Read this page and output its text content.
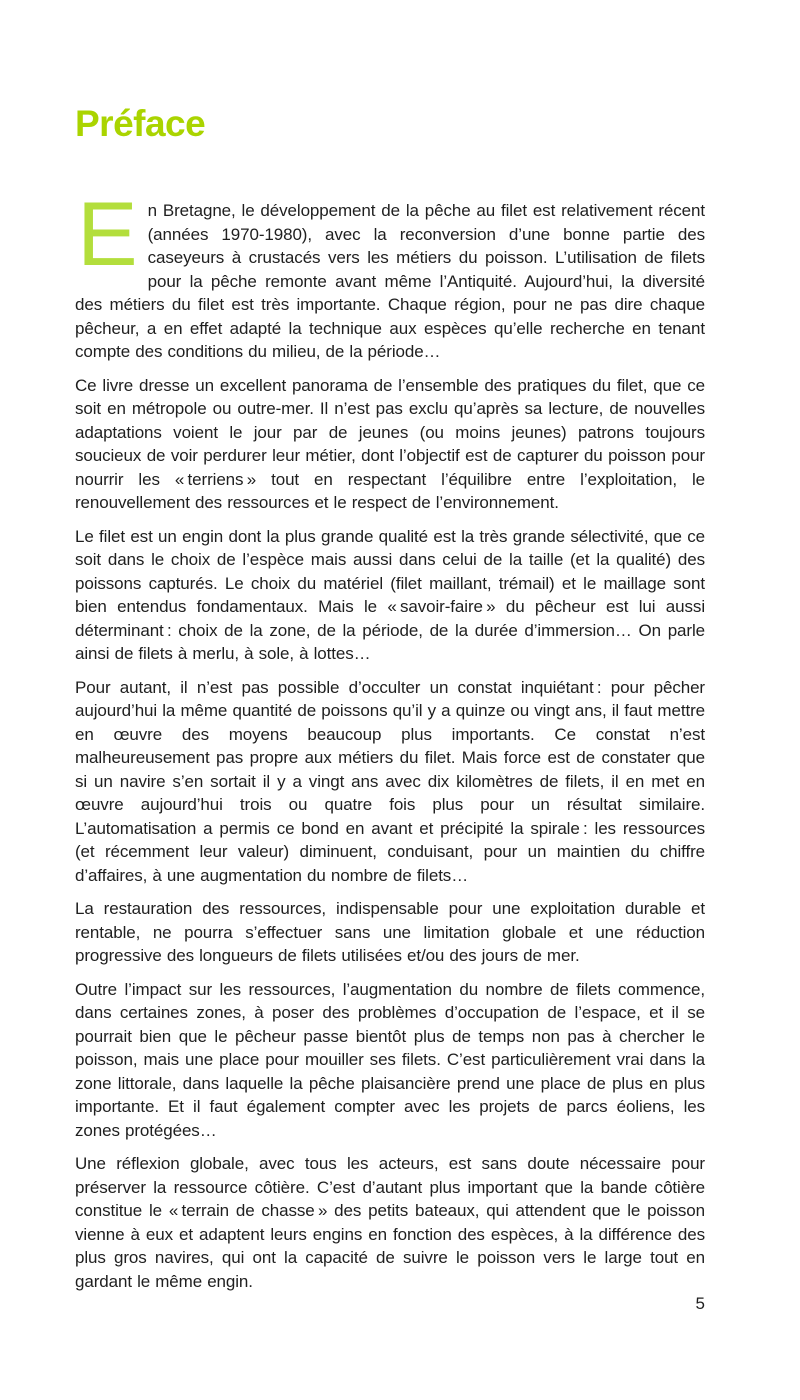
Préface

En Bretagne, le développement de la pêche au filet est relativement récent (années 1970-1980), avec la reconversion d’une bonne partie des caseyeurs à crustacés vers les métiers du poisson. L’utilisation de filets pour la pêche remonte avant même l’Antiquité. Aujourd’hui, la diversité des métiers du filet est très importante. Chaque région, pour ne pas dire chaque pêcheur, a en effet adapté la technique aux espèces qu’elle recherche en tenant compte des conditions du milieu, de la période…

Ce livre dresse un excellent panorama de l’ensemble des pratiques du filet, que ce soit en métropole ou outre-mer. Il n’est pas exclu qu’après sa lecture, de nouvelles adaptations voient le jour par de jeunes (ou moins jeunes) patrons toujours soucieux de voir perdurer leur métier, dont l’objectif est de capturer du poisson pour nourrir les « terriens » tout en respectant l’équilibre entre l’exploitation, le renouvellement des ressources et le respect de l’environnement.

Le filet est un engin dont la plus grande qualité est la très grande sélectivité, que ce soit dans le choix de l’espèce mais aussi dans celui de la taille (et la qualité) des poissons capturés. Le choix du matériel (filet maillant, trémail) et le maillage sont bien entendus fondamentaux. Mais le « savoir-faire » du pêcheur est lui aussi déterminant : choix de la zone, de la période, de la durée d’immersion… On parle ainsi de filets à merlu, à sole, à lottes…

Pour autant, il n’est pas possible d’occulter un constat inquiétant : pour pêcher aujourd’hui la même quantité de poissons qu’il y a quinze ou vingt ans, il faut mettre en œuvre des moyens beaucoup plus importants. Ce constat n’est malheureusement pas propre aux métiers du filet. Mais force est de constater que si un navire s’en sortait il y a vingt ans avec dix kilomètres de filets, il en met en œuvre aujourd’hui trois ou quatre fois plus pour un résultat similaire. L’automatisation a permis ce bond en avant et précipité la spirale : les ressources (et récemment leur valeur) diminuent, conduisant, pour un maintien du chiffre d’affaires, à une augmentation du nombre de filets…

La restauration des ressources, indispensable pour une exploitation durable et rentable, ne pourra s’effectuer sans une limitation globale et une réduction progressive des longueurs de filets utilisées et/ou des jours de mer.

Outre l’impact sur les ressources, l’augmentation du nombre de filets commence, dans certaines zones, à poser des problèmes d’occupation de l’espace, et il se pourrait bien que le pêcheur passe bientôt plus de temps non pas à chercher le poisson, mais une place pour mouiller ses filets. C’est particulièrement vrai dans la zone littorale, dans laquelle la pêche plaisancière prend une place de plus en plus importante. Et il faut également compter avec les projets de parcs éoliens, les zones protégées…

Une réflexion globale, avec tous les acteurs, est sans doute nécessaire pour préserver la ressource côtière. C’est d’autant plus important que la bande côtière constitue le « terrain de chasse » des petits bateaux, qui attendent que le poisson vienne à eux et adaptent leurs engins en fonction des espèces, à la différence des plus gros navires, qui ont la capacité de suivre le poisson vers le large tout en gardant le même engin.

5
